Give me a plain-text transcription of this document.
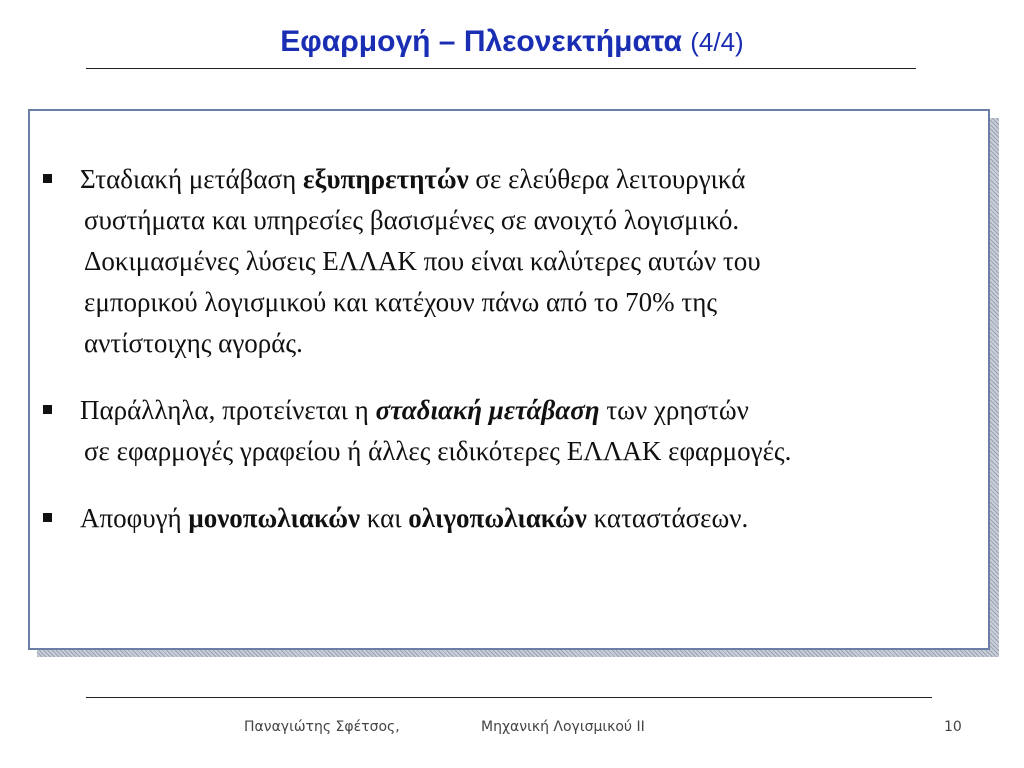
Εφαρμογή – Πλεονεκτήματα (4/4)
Σταδιακή μετάβαση εξυπηρετητών σε ελεύθερα λειτουργικά
συστήματα και υπηρεσίες βασισμένες σε ανοιχτό λογισμικό.
Δοκιμασμένες λύσεις ΕΛΛΑΚ που είναι καλύτερες αυτών του
εμπορικού λογισμικού και κατέχουν πάνω από το 70% της
αντίστοιχης αγοράς.
Παράλληλα, προτείνεται η σταδιακή μετάβαση των χρηστών
σε εφαρμογές γραφείου ή άλλες ειδικότερες ΕΛΛΑΚ εφαρμογές.
Αποφυγή μονοπωλιακών και ολιγοπωλιακών καταστάσεων.
Παναγιώτης Σφέτσος,	Μηχανική Λογισμικού ΙΙ	10
